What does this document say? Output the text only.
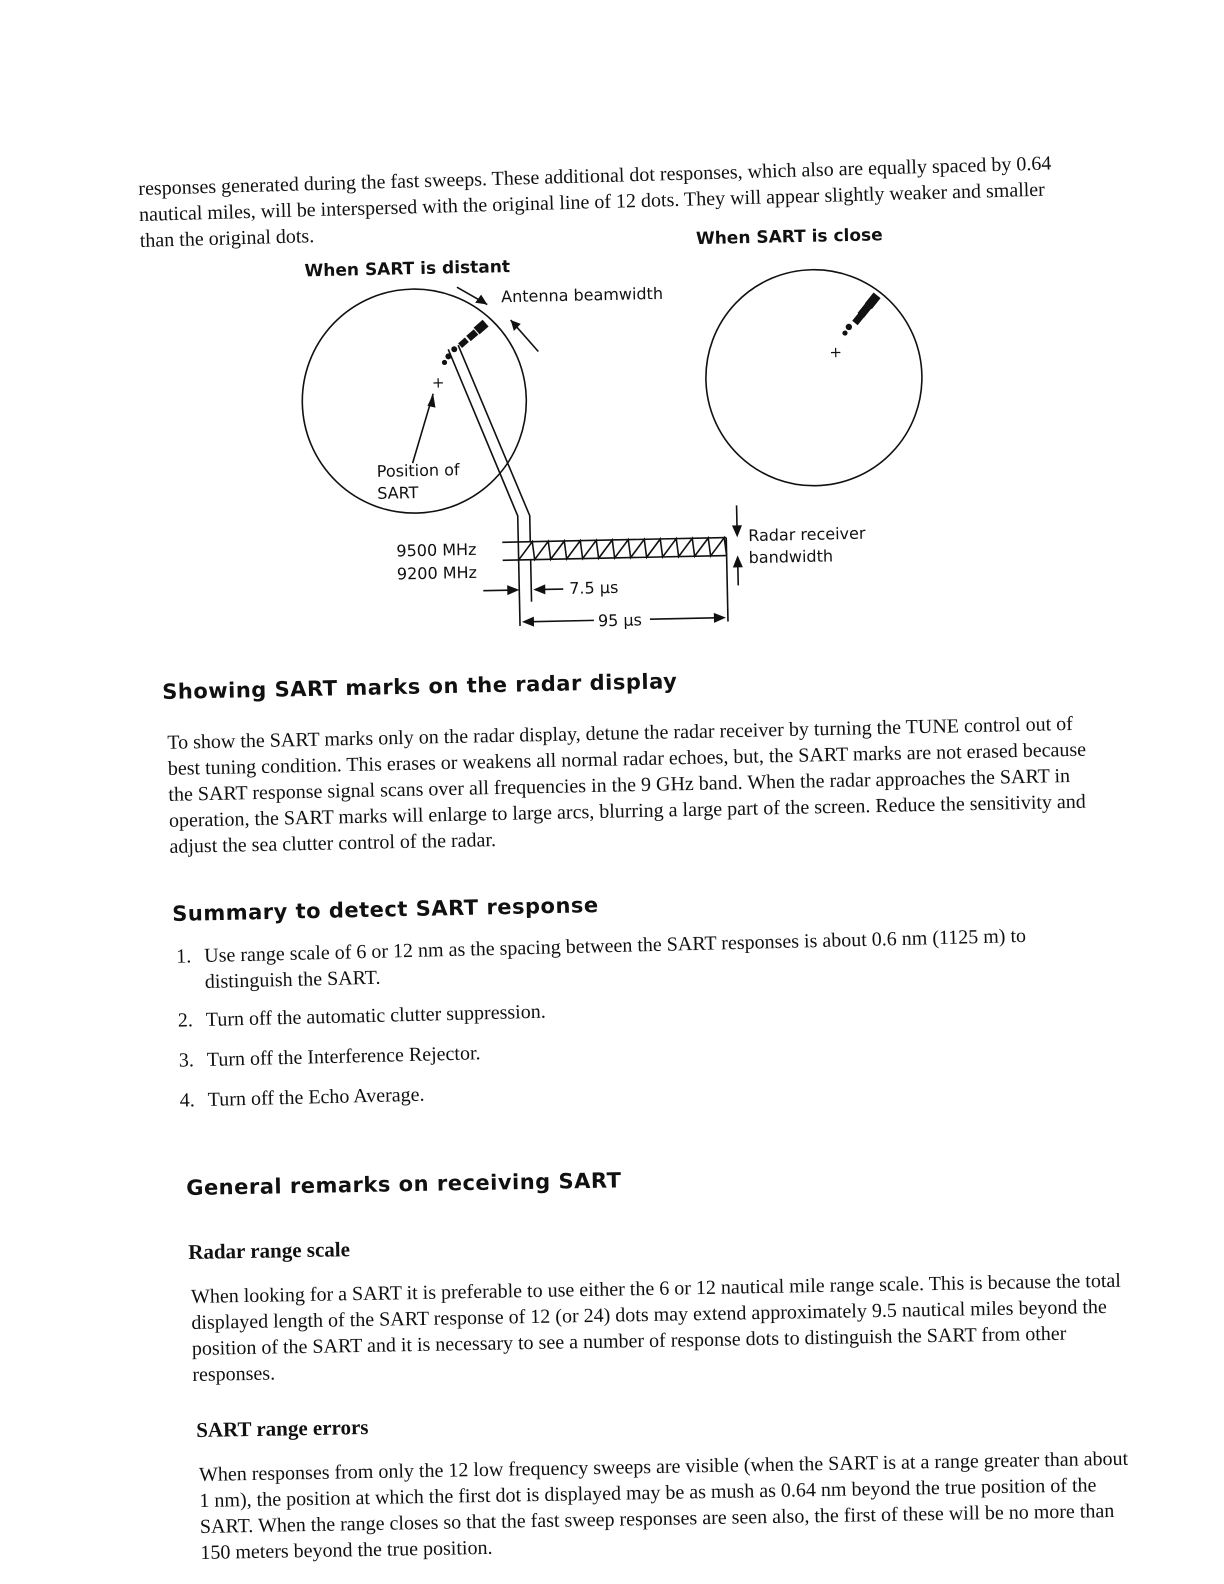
responses generated during the fast sweeps. These additional dot responses, which also are equally spaced by 0.64 nautical miles, will be interspersed with the original line of 12 dots. They will appear slightly weaker and smaller than the original dots.

When SART is distant
When SART is close
+
Antenna beamwidth
Position of
SART
+
9500 MHz
9200 MHz
Radar receiver
bandwidth
7.5 µs
95 µs
Showing SART marks on the radar display

To show the SART marks only on the radar display, detune the radar receiver by turning the TUNE control out of best tuning condition. This erases or weakens all normal radar echoes, but, the SART marks are not erased because the SART response signal scans over all frequencies in the 9 GHz band. When the radar approaches the SART in operation, the SART marks will enlarge to large arcs, blurring a large part of the screen. Reduce the sensitivity and adjust the sea clutter control of the radar.

Summary to detect SART response
1. Use range scale of 6 or 12 nm as the spacing between the SART responses is about 0.6 nm (1125 m) to distinguish the SART.
2. Turn off the automatic clutter suppression.
3. Turn off the Interference Rejector.
4. Turn off the Echo Average.
General remarks on receiving SART
Radar range scale

When looking for a SART it is preferable to use either the 6 or 12 nautical mile range scale. This is because the total displayed length of the SART response of 12 (or 24) dots may extend approximately 9.5 nautical miles beyond the position of the SART and it is necessary to see a number of response dots to distinguish the SART from other responses.

SART range errors

When responses from only the 12 low frequency sweeps are visible (when the SART is at a range greater than about 1 nm), the position at which the first dot is displayed may be as mush as 0.64 nm beyond the true position of the SART. When the range closes so that the fast sweep responses are seen also, the first of these will be no more than 150 meters beyond the true position.
